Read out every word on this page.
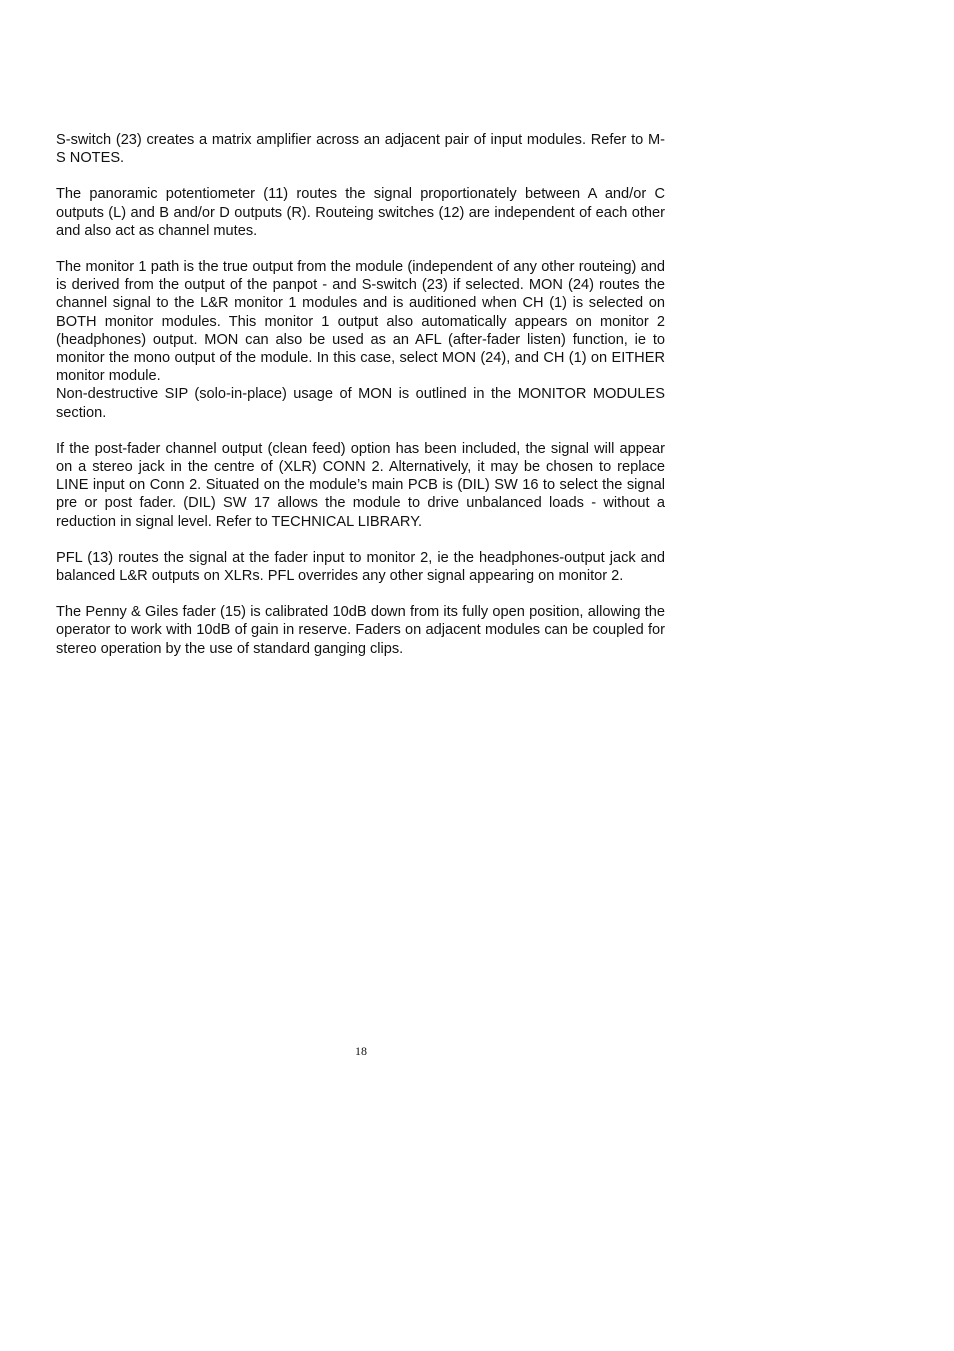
S-switch (23) creates a matrix amplifier across an adjacent pair of input modules. Refer to M-S NOTES.

The panoramic potentiometer (11) routes the signal proportionately between A and/or C outputs (L) and B and/or D outputs (R). Routeing switches (12) are independent of each other and also act as channel mutes.

The monitor 1 path is the true output from the module (independent of any other routeing) and is derived from the output of the panpot - and S-switch (23) if selected. MON (24) routes the channel signal to the L&R monitor 1 modules and is auditioned when CH (1) is selected on BOTH monitor modules. This monitor 1 output also automatically appears on monitor 2 (headphones) output. MON can also be used as an AFL (after-fader listen) function, ie to monitor the mono output of the module. In this case, select MON (24), and CH (1) on EITHER monitor module.

Non-destructive SIP (solo-in-place) usage of MON is outlined in the MONITOR MODULES section.

If the post-fader channel output (clean feed) option has been included, the signal will appear on a stereo jack in the centre of (XLR) CONN 2. Alternatively, it may be chosen to replace LINE input on Conn 2. Situated on the module’s main PCB is (DIL) SW 16 to select the signal pre or post fader. (DIL) SW 17 allows the module to drive unbalanced loads - without a reduction in signal level. Refer to TECHNICAL LIBRARY.

PFL (13) routes the signal at the fader input to monitor 2, ie the headphones-output jack and balanced L&R outputs on XLRs. PFL overrides any other signal appearing on monitor 2.

The Penny & Giles fader (15) is calibrated 10dB down from its fully open position, allowing the operator to work with 10dB of gain in reserve. Faders on adjacent modules can be coupled for stereo operation by the use of standard ganging clips.

18
